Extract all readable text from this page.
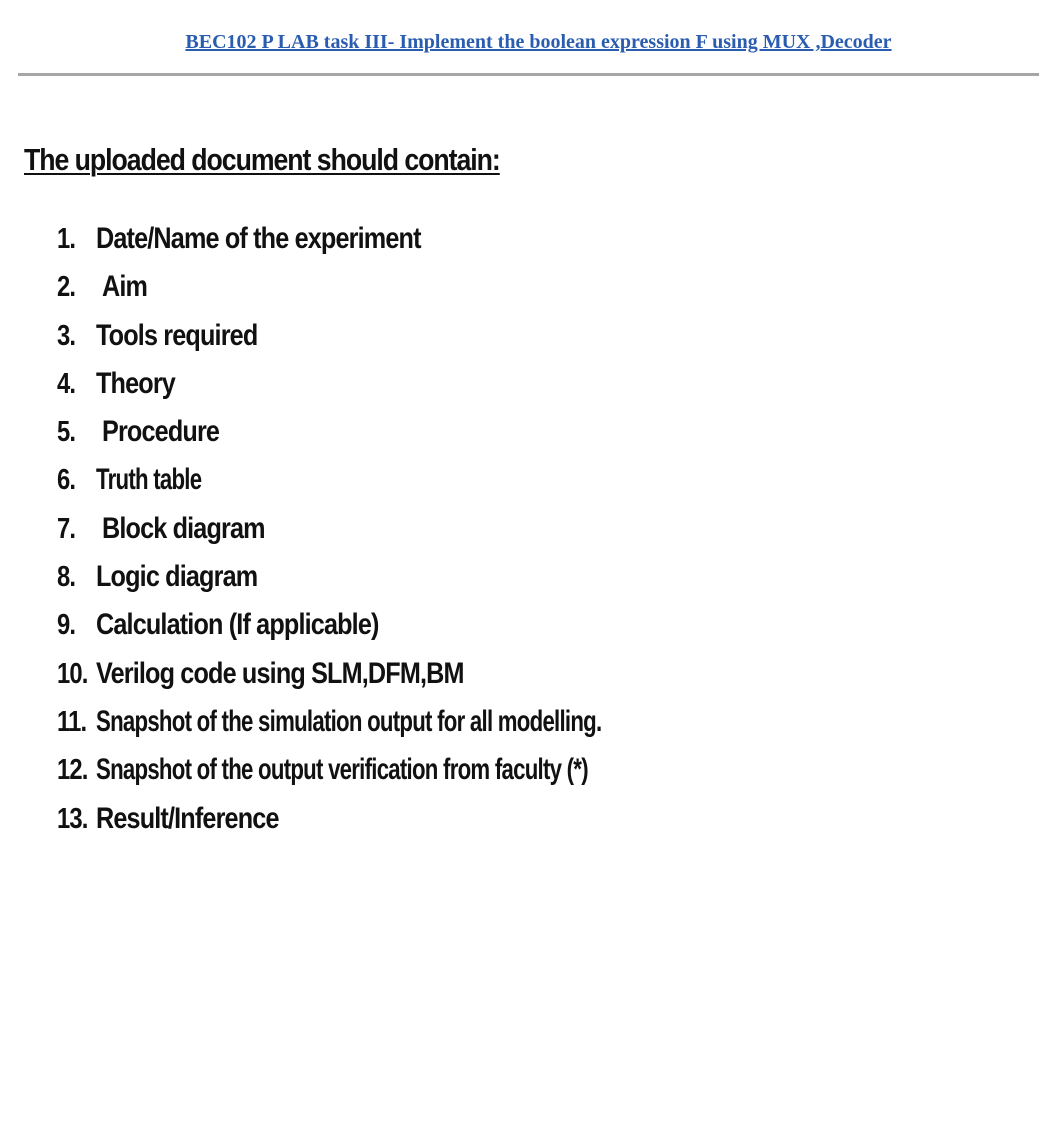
BEC102 P LAB task III- Implement the boolean expression F using MUX ,Decoder
The uploaded document should contain:
1. Date/Name of the experiment
2. Aim
3. Tools required
4. Theory
5. Procedure
6. Truth table
7. Block diagram
8. Logic diagram
9. Calculation (If applicable)
10. Verilog code using SLM,DFM,BM
11. Snapshot of the simulation output for all modelling.
12. Snapshot of the output verification from faculty (*)
13. Result/Inference
